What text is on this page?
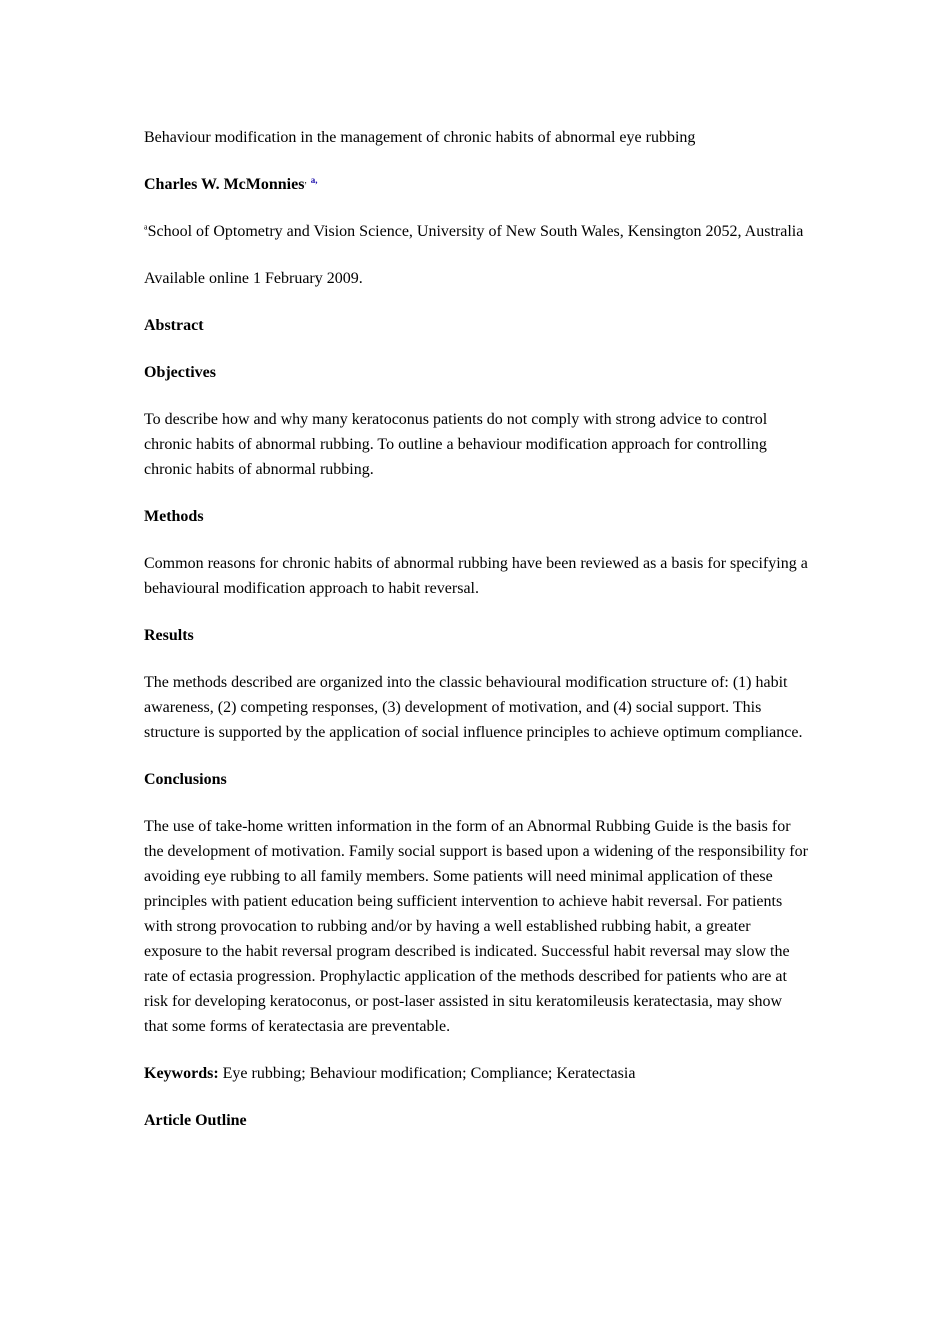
Behaviour modification in the management of chronic habits of abnormal eye rubbing

Charles W. McMonnies, $^{a,}$

$^a$School of Optometry and Vision Science, University of New South Wales, Kensington 2052, Australia

Available online 1 February 2009.

Abstract

Objectives

To describe how and why many keratoconus patients do not comply with strong advice to control chronic habits of abnormal rubbing. To outline a behaviour modification approach for controlling chronic habits of abnormal rubbing.

Methods

Common reasons for chronic habits of abnormal rubbing have been reviewed as a basis for specifying a behavioural modification approach to habit reversal.

Results

The methods described are organized into the classic behavioural modification structure of: (1) habit awareness, (2) competing responses, (3) development of motivation, and (4) social support. This structure is supported by the application of social influence principles to achieve optimum compliance.

Conclusions

The use of take-home written information in the form of an Abnormal Rubbing Guide is the basis for the development of motivation. Family social support is based upon a widening of the responsibility for avoiding eye rubbing to all family members. Some patients will need minimal application of these principles with patient education being sufficient intervention to achieve habit reversal. For patients with strong provocation to rubbing and/or by having a well established rubbing habit, a greater exposure to the habit reversal program described is indicated. Successful habit reversal may slow the rate of ectasia progression. Prophylactic application of the methods described for patients who are at risk for developing keratoconus, or post-laser assisted in situ keratomileusis keratectasia, may show that some forms of keratectasia are preventable.

Keywords: Eye rubbing; Behaviour modification; Compliance; Keratectasia

Article Outline
